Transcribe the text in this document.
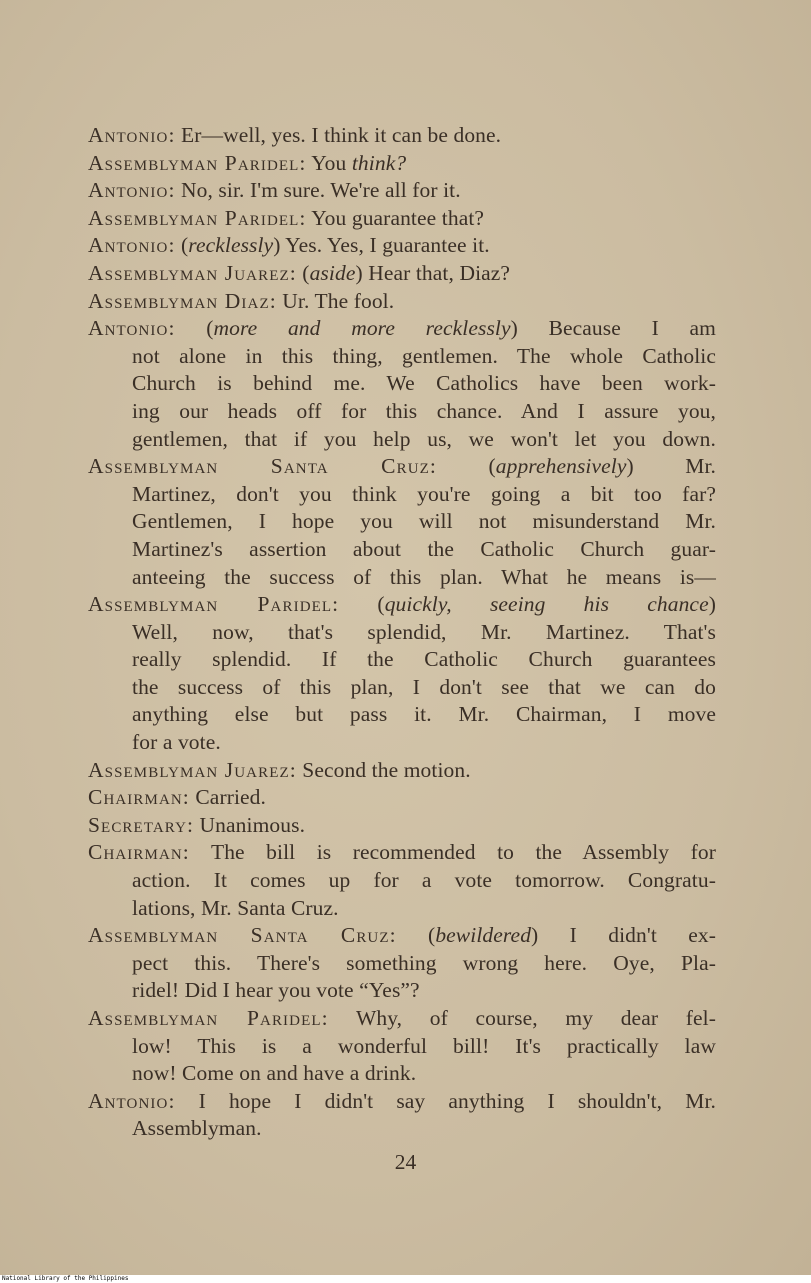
Antonio: Er—well, yes. I think it can be done.
Assemblyman Paridel: You think?
Antonio: No, sir. I'm sure. We're all for it.
Assemblyman Paridel: You guarantee that?
Antonio: (recklessly) Yes. Yes, I guarantee it.
Assemblyman Juarez: (aside) Hear that, Diaz?
Assemblyman Diaz: Ur. The fool.
Antonio: (more and more recklessly) Because I am
not alone in this thing, gentlemen. The whole Catholic
Church is behind me. We Catholics have been work-
ing our heads off for this chance. And I assure you,
gentlemen, that if you help us, we won't let you down.
Assemblyman Santa Cruz: (apprehensively) Mr.
Martinez, don't you think you're going a bit too far?
Gentlemen, I hope you will not misunderstand Mr.
Martinez's assertion about the Catholic Church guar-
anteeing the success of this plan. What he means is—
Assemblyman Paridel: (quickly, seeing his chance)
Well, now, that's splendid, Mr. Martinez. That's
really splendid. If the Catholic Church guarantees
the success of this plan, I don't see that we can do
anything else but pass it. Mr. Chairman, I move
for a vote.
Assemblyman Juarez: Second the motion.
Chairman: Carried.
Secretary: Unanimous.
Chairman: The bill is recommended to the Assembly for
action. It comes up for a vote tomorrow. Congratu-
lations, Mr. Santa Cruz.
Assemblyman Santa Cruz: (bewildered) I didn't ex-
pect this. There's something wrong here. Oye, Pla-
ridel! Did I hear you vote “Yes”?
Assemblyman Paridel: Why, of course, my dear fel-
low! This is a wonderful bill! It's practically law
now! Come on and have a drink.
Antonio: I hope I didn't say anything I shouldn't, Mr.
Assemblyman.
24
National Library of the Philippines
